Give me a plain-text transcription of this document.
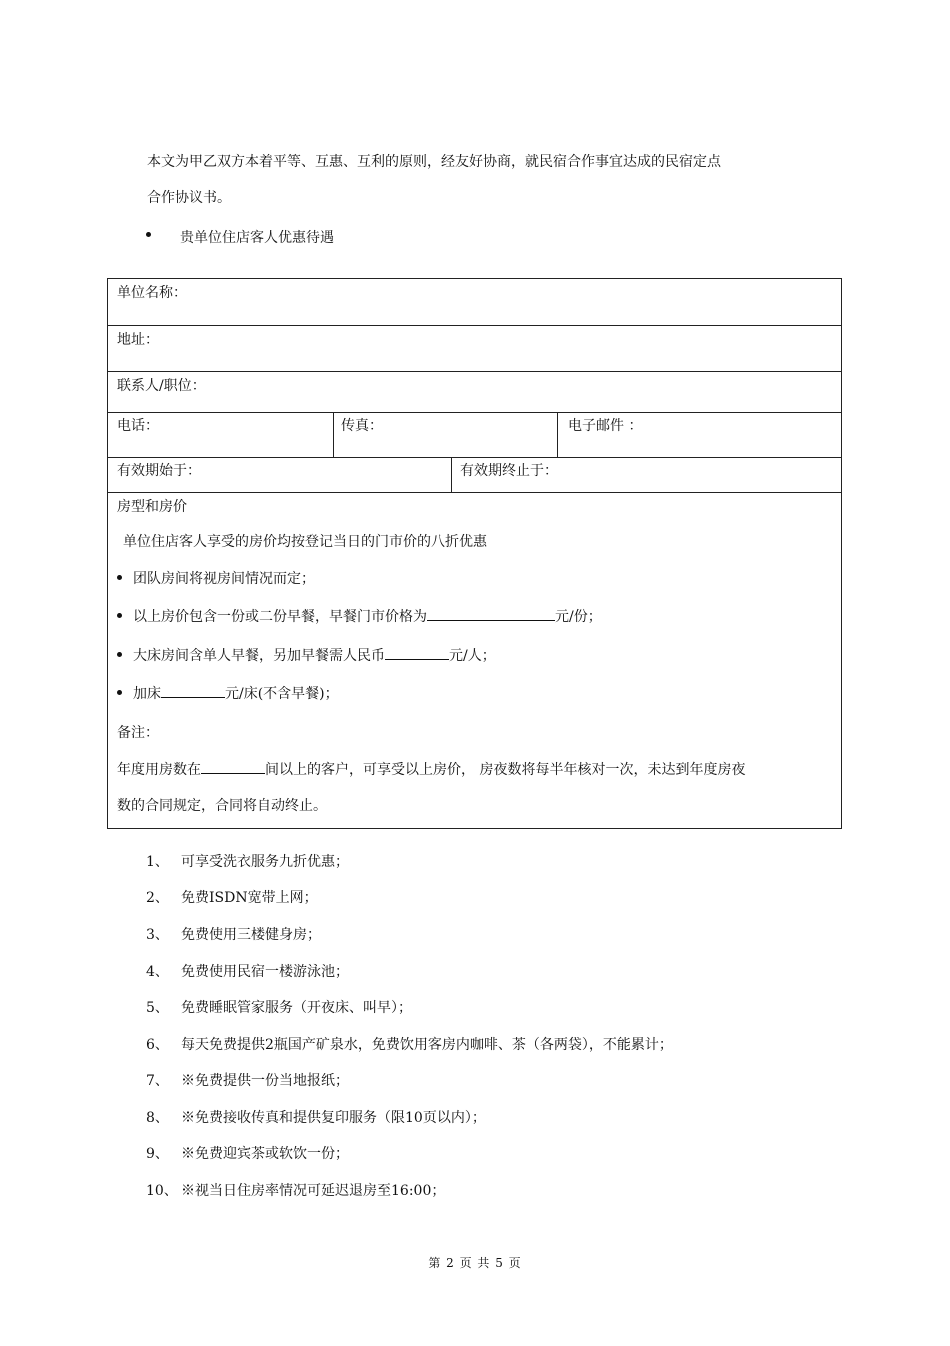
本文为甲乙双方本着平等、互惠、互利的原则，经友好协商，就民宿合作事宜达成的民宿定点
合作协议书。
贵单位住店客人优惠待遇
单位名称：
地址：
联系人/职位：
电话：	传真：	电子邮件 ：
有效期始于：	有效期终止于：
房型和房价
单位住店客人享受的房价均按登记当日的门市价的八折优惠
团队房间将视房间情况而定；
以上房价包含一份或二份早餐，早餐门市价格为	元/份；
大床房间含单人早餐，另加早餐需人民币	元/人；
加床	元/床(不含早餐)；
备注：
年度用房数在	间以上的客户，可享受以上房价， 房夜数将每半年核对一次，未达到年度房夜
数的合同规定，合同将自动终止。
1、 可享受洗衣服务九折优惠；
2、 免费ISDN宽带上网；
3、 免费使用三楼健身房；
4、 免费使用民宿一楼游泳池；
5、 免费睡眠管家服务（开夜床、叫早）；
6、 每天免费提供2瓶国产矿泉水，免费饮用客房内咖啡、茶（各两袋），不能累计；
7、 ※免费提供一份当地报纸；
8、 ※免费接收传真和提供复印服务（限10页以内）；
9、 ※免费迎宾茶或软饮一份；
10、 ※视当日住房率情况可延迟退房至16:00；
第 2 页 共 5 页
